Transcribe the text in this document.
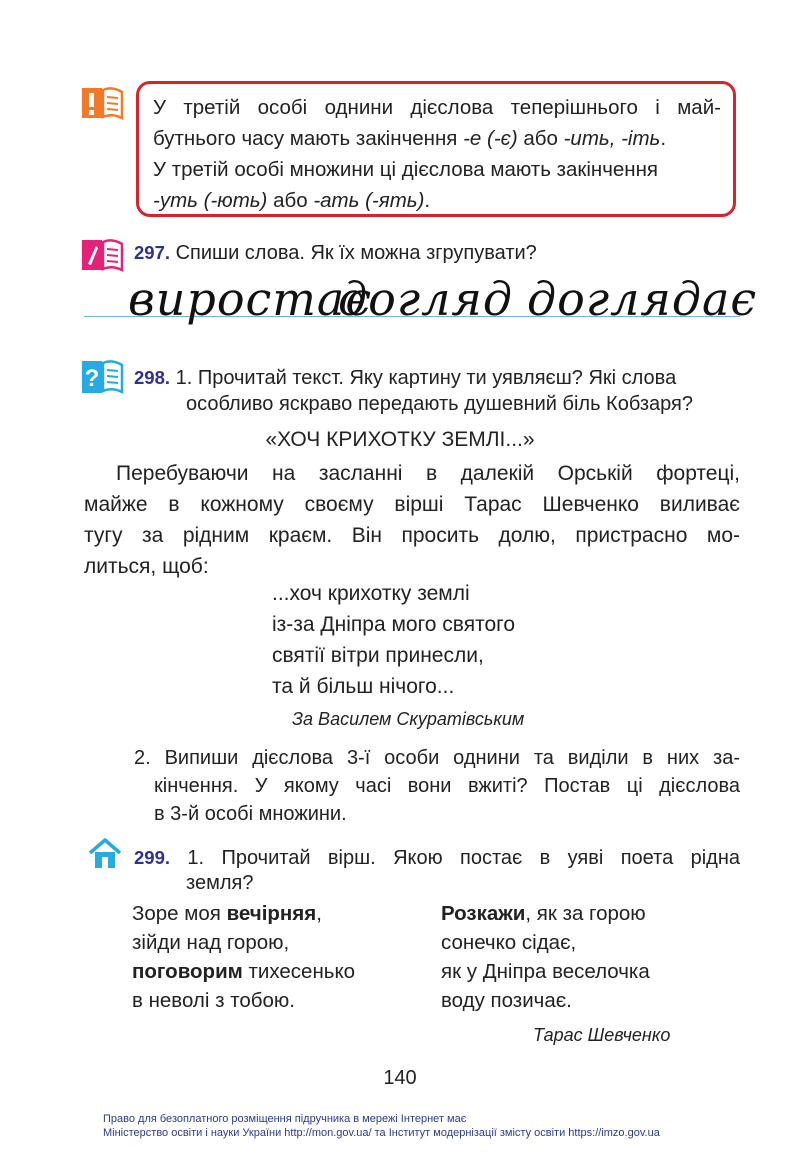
У третій особі однини дієслова теперішнього і май-
бутнього часу мають закінчення -е (-є) або -ить, -іть.
У третій особі множини ці дієслова мають закінчення
-уть (-ють) або -ать (-ять).
297. Спиши слова. Як їх можна згрупувати?
виростає
догляд доглядає
? 298. 1. Прочитай текст. Яку картину ти уявляєш? Які слова
особливо яскраво передають душевний біль Кобзаря?
«ХОЧ КРИХОТКУ ЗЕМЛІ...»
Перебуваючи на засланні в далекій Орській фортеці,
майже в кожному своєму вірші Тарас Шевченко виливає
тугу за рідним краєм. Він просить долю, пристрасно мо-
литься, щоб:
...хоч крихотку землі
із-за Дніпра мого святого
святії вітри принесли,
та й більш нічого...
За Василем Скуратівським
2. Випиши дієслова 3-ї особи однини та виділи в них за-
кінчення. У якому часі вони вжиті? Постав ці дієслова
в 3-й особі множини.
299. 1. Прочитай вірш. Якою постає в уяві поета рідна
земля?
Зоре моя вечірняя,
зійди над горою,
поговорим тихесенько
в неволі з тобою.
Розкажи, як за горою
сонечко сідає,
як у Дніпра веселочка
воду позичає.
Тарас Шевченко
140
Право для безоплатного розміщення підручника в мережі Інтернет має
Міністерство освіти і науки України http://mon.gov.ua/ та Інститут модернізації змісту освіти https://imzo.gov.ua
